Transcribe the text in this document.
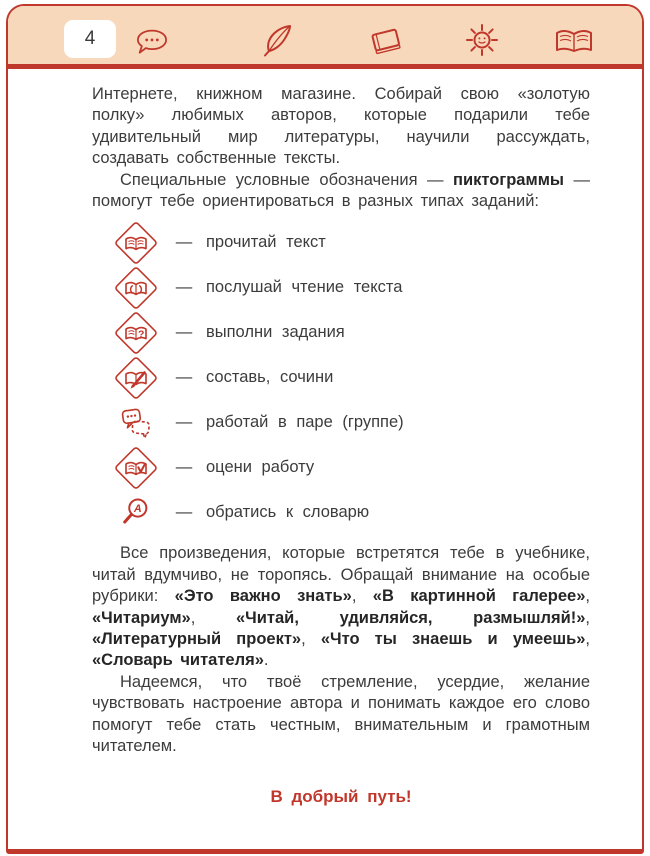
4

Интернете, книжном магазине. Собирай свою «золотую полку» любимых авторов, которые подарили тебе удивительный мир литературы, научили рассуждать, создавать собственные тексты.

Специальные условные обозначения — пиктограммы — помогут тебе ориентироваться в разных типах заданий:

— прочитай текст
— послушай чтение текста
?	— выполни задания
— составь, сочини
— работай в паре (группе)
— оцени работу
A	— обратись к словарю

Все произведения, которые встретятся тебе в учебнике, читай вдумчиво, не торопясь. Обращай внимание на особые рубрики: «Это важно знать», «В картинной галерее», «Читариум», «Читай, удивляйся, размышляй!», «Литературный проект», «Что ты знаешь и умеешь», «Словарь читателя».

Надеемся, что твоё стремление, усердие, желание чувствовать настроение автора и понимать каждое его слово помогут тебе стать честным, внимательным и грамотным читателем.

В добрый путь!
